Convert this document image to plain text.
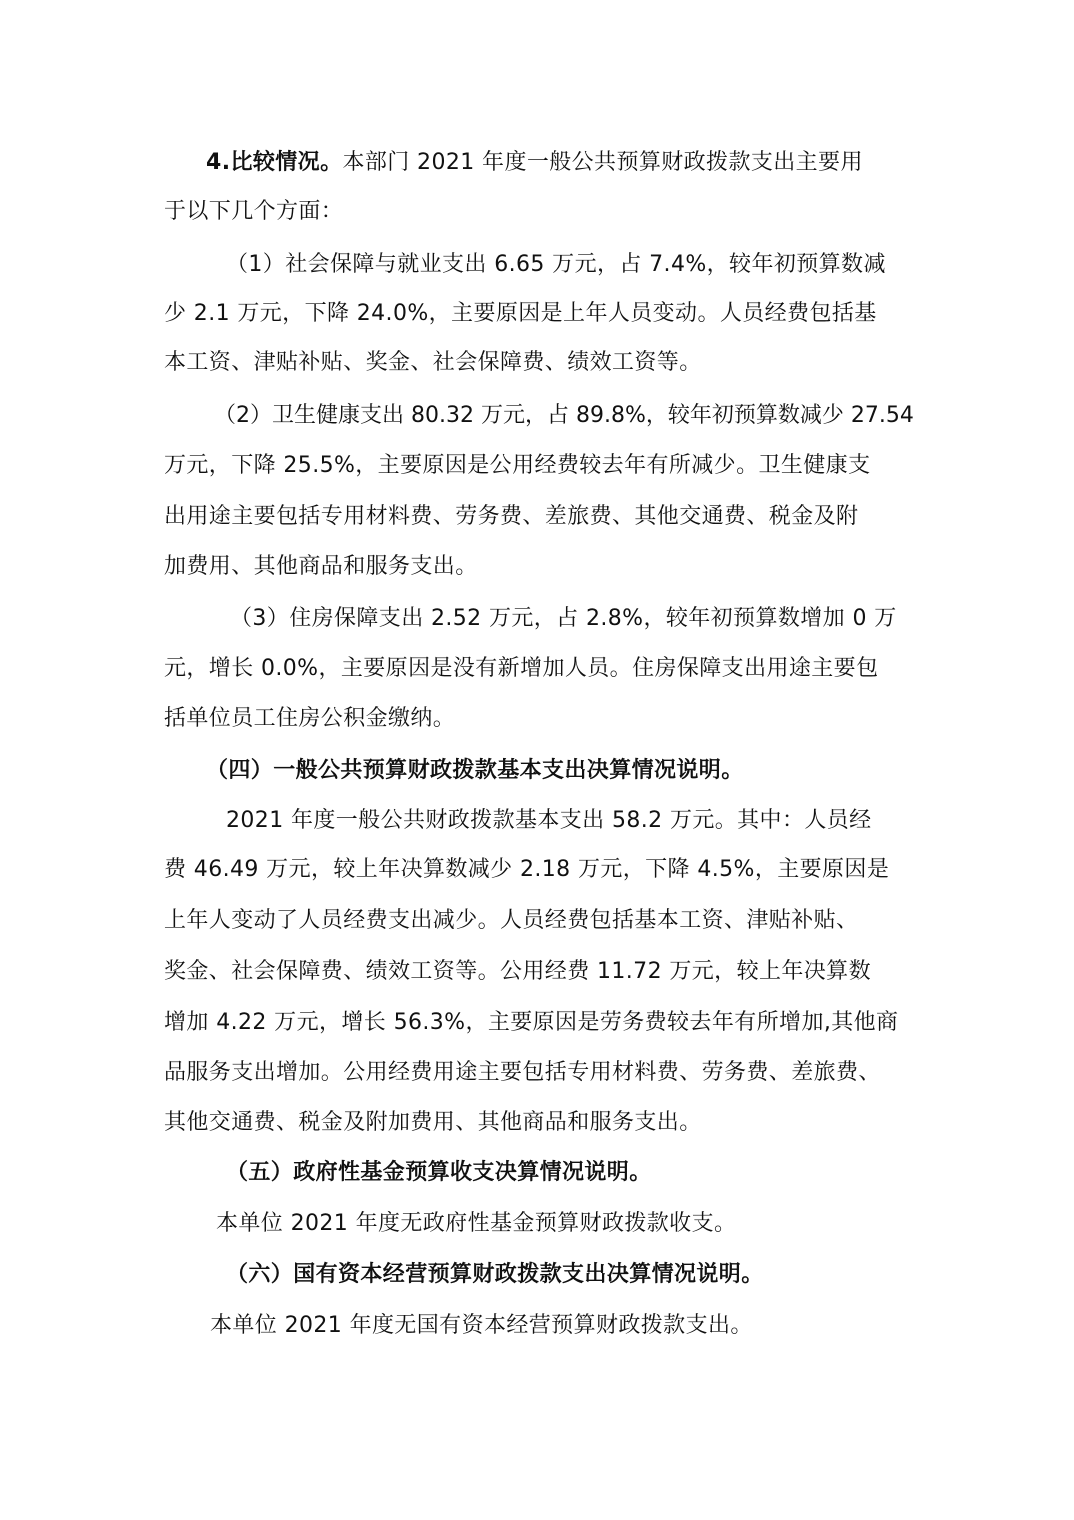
4.比较情况。本部门 2021 年度一般公共预算财政拨款支出主要用
于以下几个方面：
（1）社会保障与就业支出 6.65 万元，占 7.4%，较年初预算数减
少 2.1 万元，下降 24.0%，主要原因是上年人员变动。人员经费包括基
本工资、津贴补贴、奖金、社会保障费、绩效工资等。
（2）卫生健康支出 80.32 万元，占 89.8%，较年初预算数减少 27.54
万元，下降 25.5%，主要原因是公用经费较去年有所减少。卫生健康支
出用途主要包括专用材料费、劳务费、差旅费、其他交通费、税金及附
加费用、其他商品和服务支出。
（3）住房保障支出 2.52 万元，占 2.8%，较年初预算数增加 0 万
元，增长 0.0%，主要原因是没有新增加人员。住房保障支出用途主要包
括单位员工住房公积金缴纳。
（四）一般公共预算财政拨款基本支出决算情况说明。
2021 年度一般公共财政拨款基本支出 58.2 万元。其中：人员经
费 46.49 万元，较上年决算数减少 2.18 万元，下降 4.5%，主要原因是
上年人变动了人员经费支出减少。人员经费包括基本工资、津贴补贴、
奖金、社会保障费、绩效工资等。公用经费 11.72 万元，较上年决算数
增加 4.22 万元，增长 56.3%，主要原因是劳务费较去年有所增加,其他商
品服务支出增加。公用经费用途主要包括专用材料费、劳务费、差旅费、
其他交通费、税金及附加费用、其他商品和服务支出。
（五）政府性基金预算收支决算情况说明。
本单位 2021 年度无政府性基金预算财政拨款收支。
（六）国有资本经营预算财政拨款支出决算情况说明。
本单位 2021 年度无国有资本经营预算财政拨款支出。
